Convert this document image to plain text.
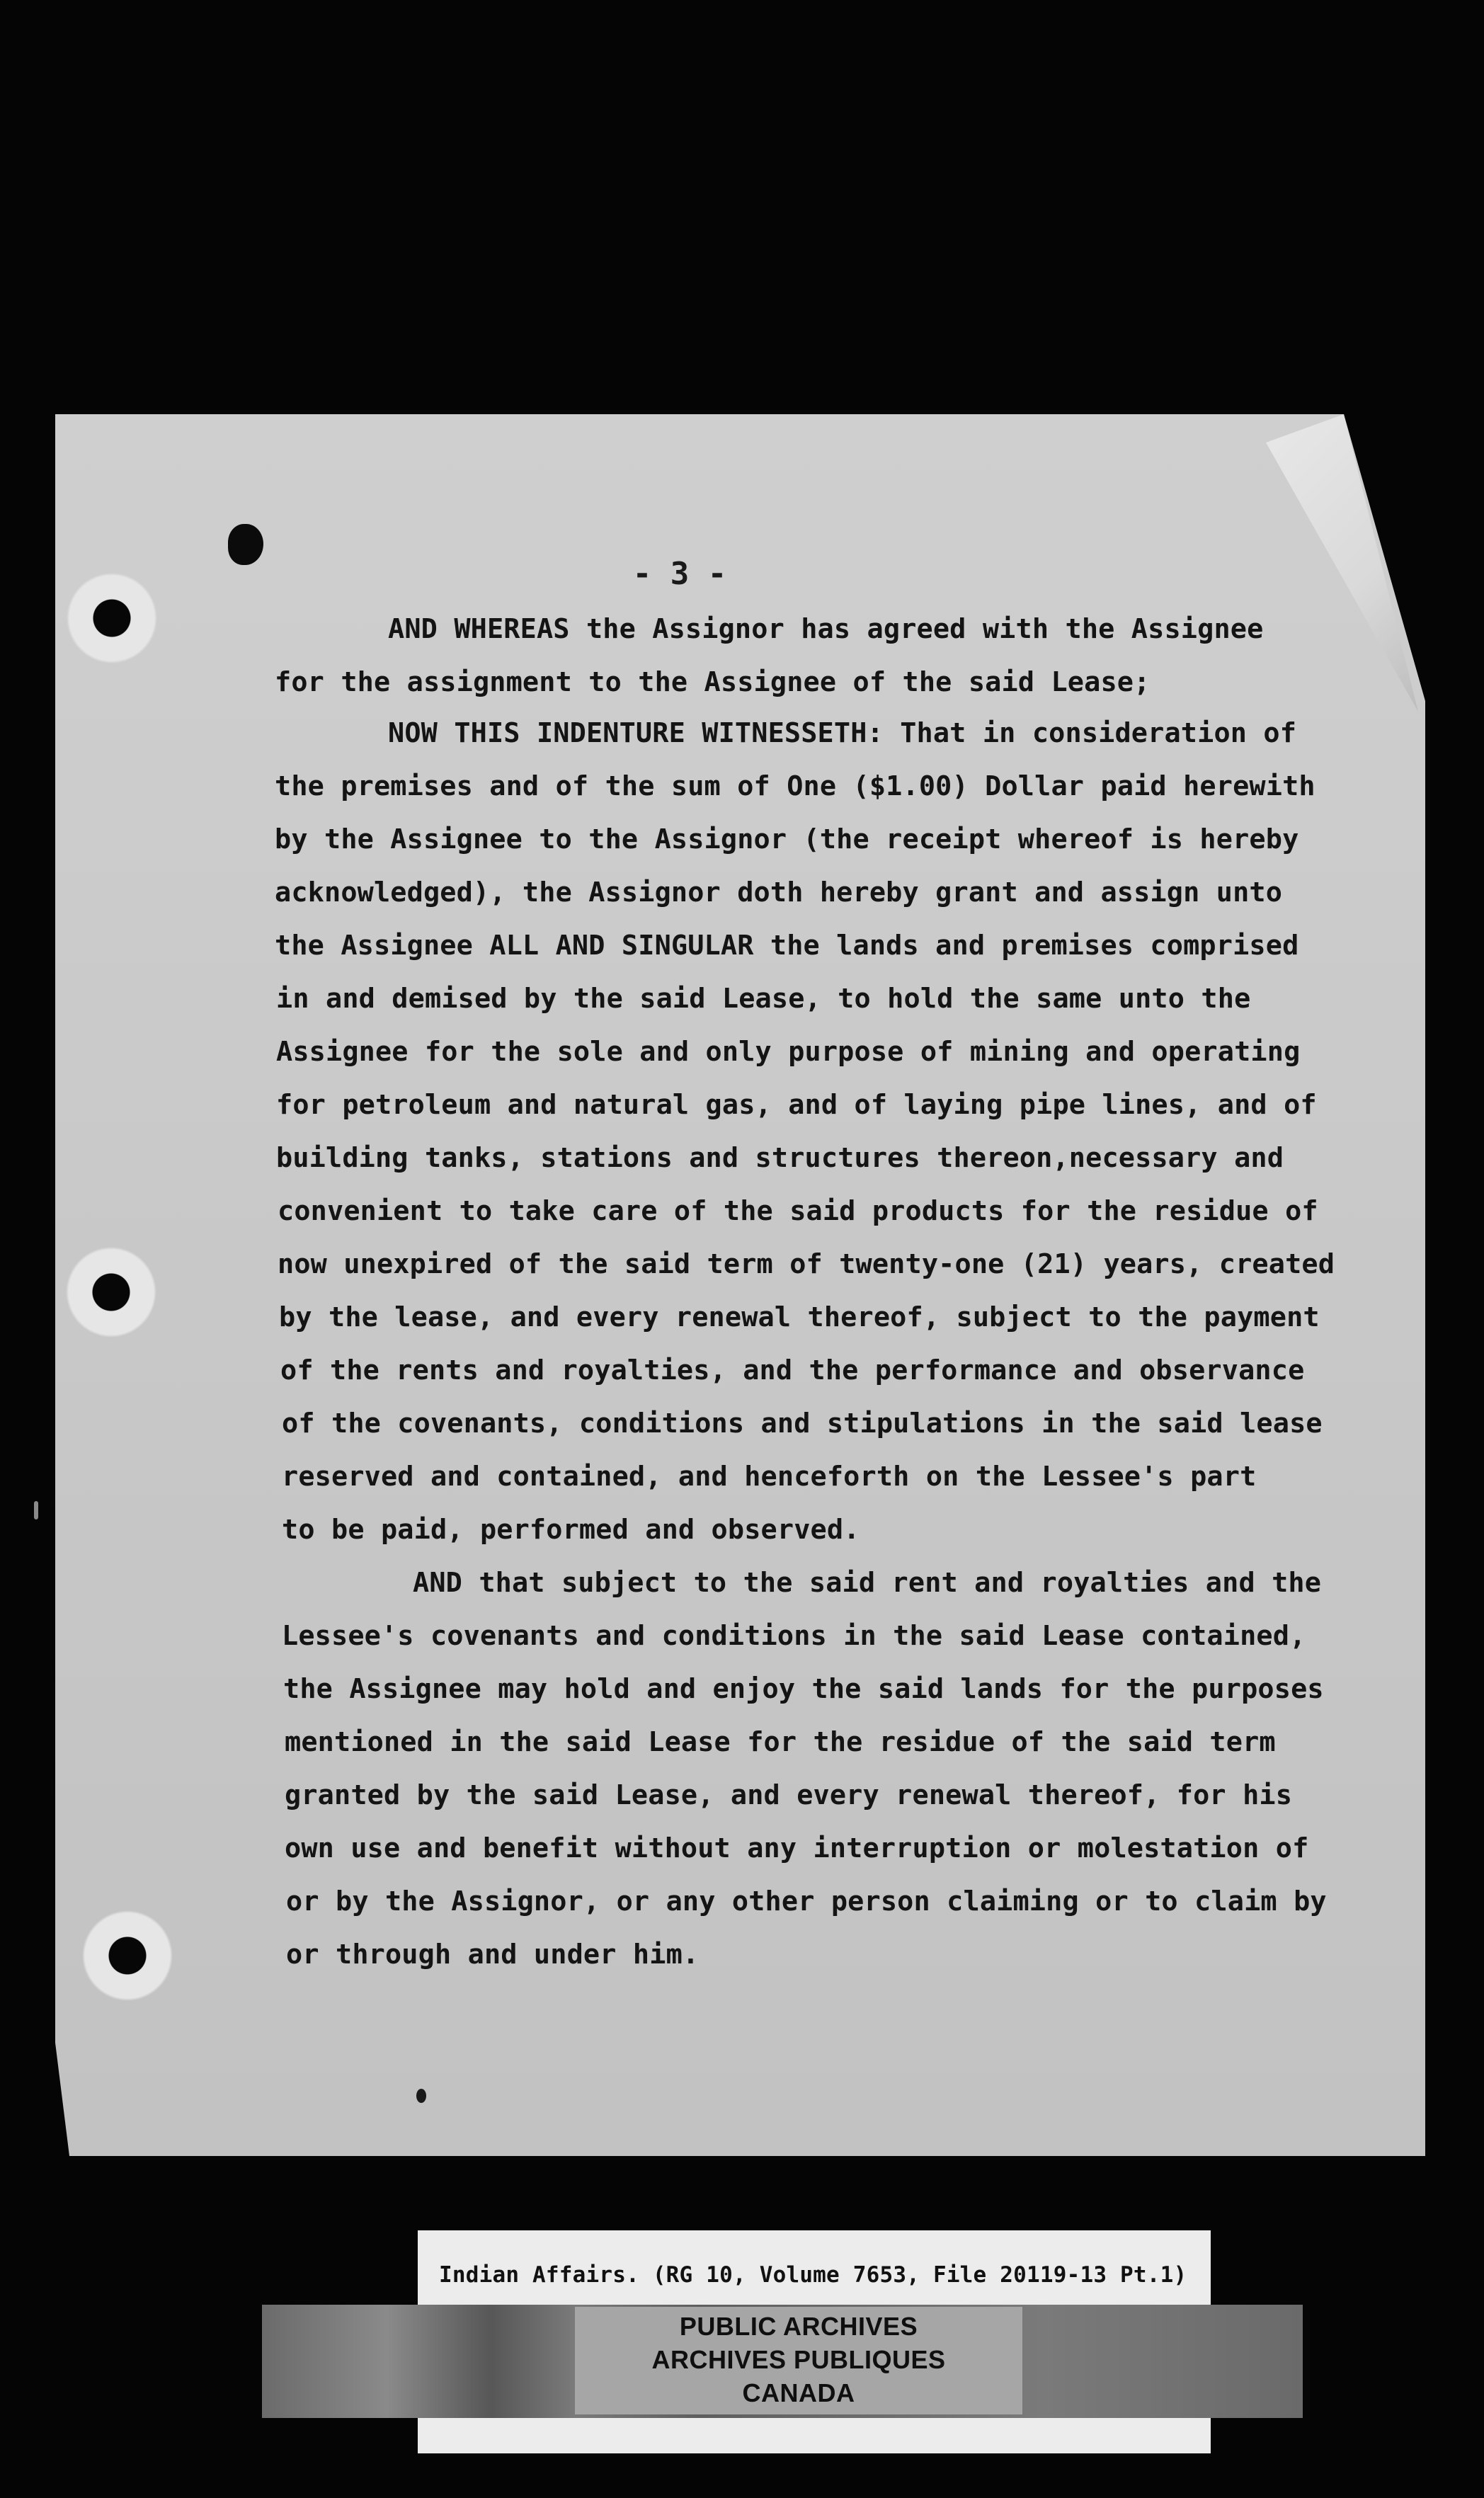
- 3 -
AND WHEREAS the Assignor has agreed with the Assignee
for the assignment to the Assignee of the said Lease;
NOW THIS INDENTURE WITNESSETH: That in consideration of
the premises and of the sum of One ($1.00) Dollar paid herewith
by the Assignee to the Assignor (the receipt whereof is hereby
acknowledged), the Assignor doth hereby grant and assign unto
the Assignee ALL AND SINGULAR the lands and premises comprised
in and demised by the said Lease, to hold the same unto the
Assignee for the sole and only purpose of mining and operating
for petroleum and natural gas, and of laying pipe lines, and of
building tanks, stations and structures thereon,necessary and
convenient to take care of the said products for the residue of
now unexpired of the said term of twenty-one (21) years, created
by the lease, and every renewal thereof, subject to the payment
of the rents and royalties, and the performance and observance
of the covenants, conditions and stipulations in the said lease
reserved and contained, and henceforth on the Lessee's part
to be paid, performed and observed.
AND that subject to the said rent and royalties and the
Lessee's covenants and conditions in the said Lease contained,
the Assignee may hold and enjoy the said lands for the purposes
mentioned in the said Lease for the residue of the said term
granted by the said Lease, and every renewal thereof, for his
own use and benefit without any interruption or molestation of
or by the Assignor, or any other person claiming or to claim by
or through and under him.
Indian Affairs. (RG 10, Volume 7653, File 20119-13 Pt.1)
PUBLIC ARCHIVES
ARCHIVES PUBLIQUES
CANADA
